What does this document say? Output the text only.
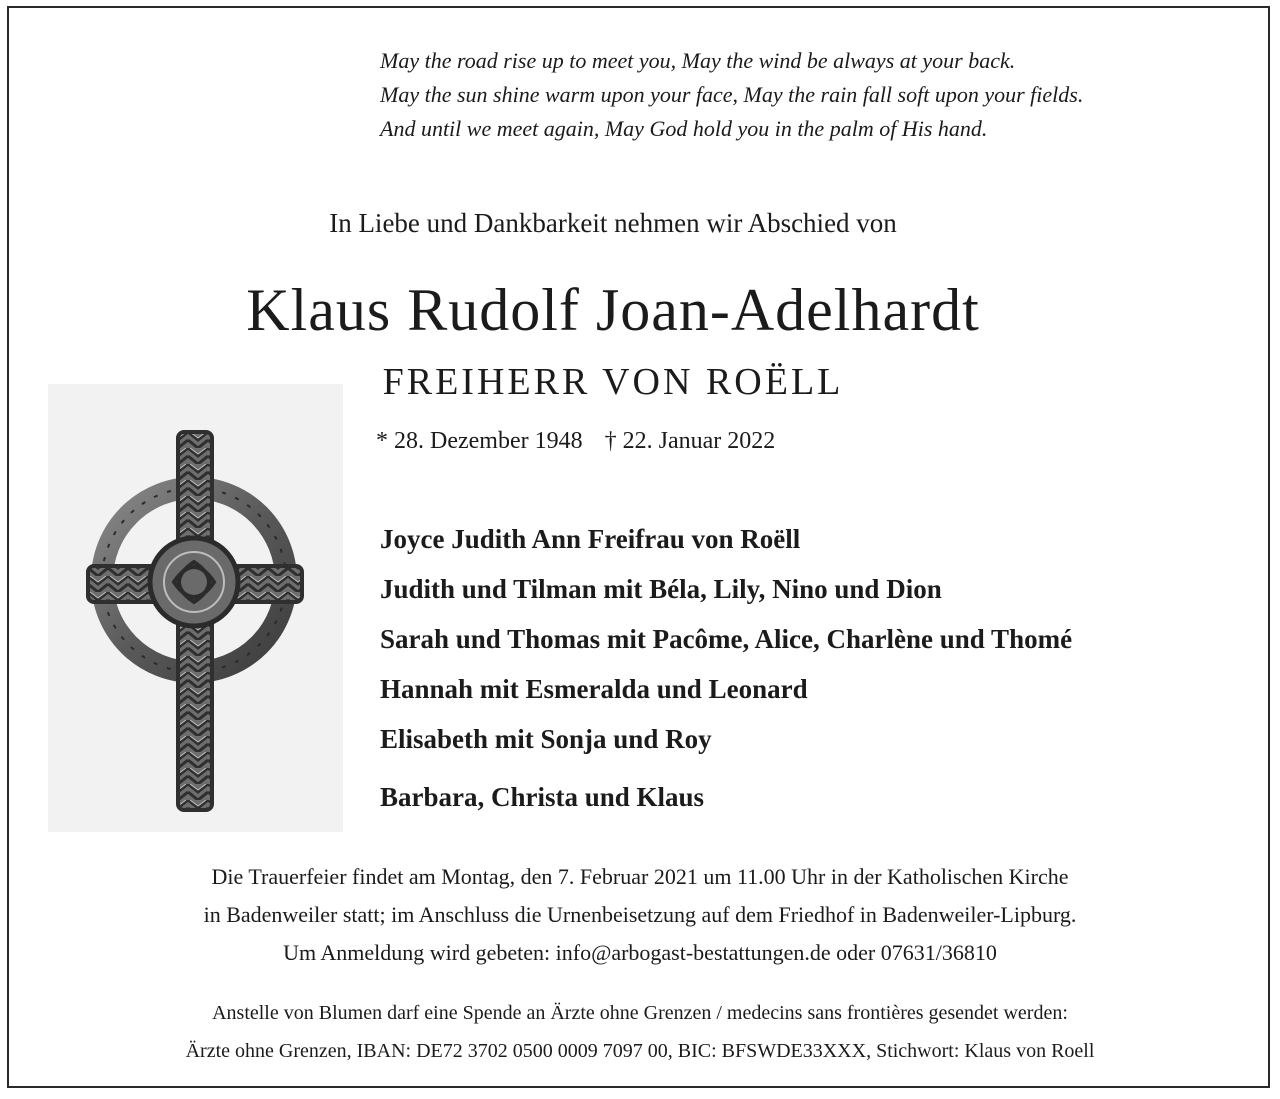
May the road rise up to meet you, May the wind be always at your back.
May the sun shine warm upon your face, May the rain fall soft upon your fields.
And until we meet again, May God hold you in the palm of His hand.
In Liebe und Dankbarkeit nehmen wir Abschied von
Klaus Rudolf Joan-Adelhardt
FREIHERR VON ROËLL
* 28. Dezember 1948 † 22. Januar 2022
Joyce Judith Ann Freifrau von Roëll
Judith und Tilman mit Béla, Lily, Nino und Dion
Sarah und Thomas mit Pacôme, Alice, Charlène und Thomé
Hannah mit Esmeralda und Leonard
Elisabeth mit Sonja und Roy
Barbara, Christa und Klaus
Die Trauerfeier findet am Montag, den 7. Februar 2021 um 11.00 Uhr in der Katholischen Kirche
in Badenweiler statt; im Anschluss die Urnenbeisetzung auf dem Friedhof in Badenweiler-Lipburg.
Um Anmeldung wird gebeten: info@arbogast-bestattungen.de oder 07631/36810
Anstelle von Blumen darf eine Spende an Ärzte ohne Grenzen / medecins sans frontières gesendet werden:
Ärzte ohne Grenzen, IBAN: DE72 3702 0500 0009 7097 00, BIC: BFSWDE33XXX, Stichwort: Klaus von Roell
